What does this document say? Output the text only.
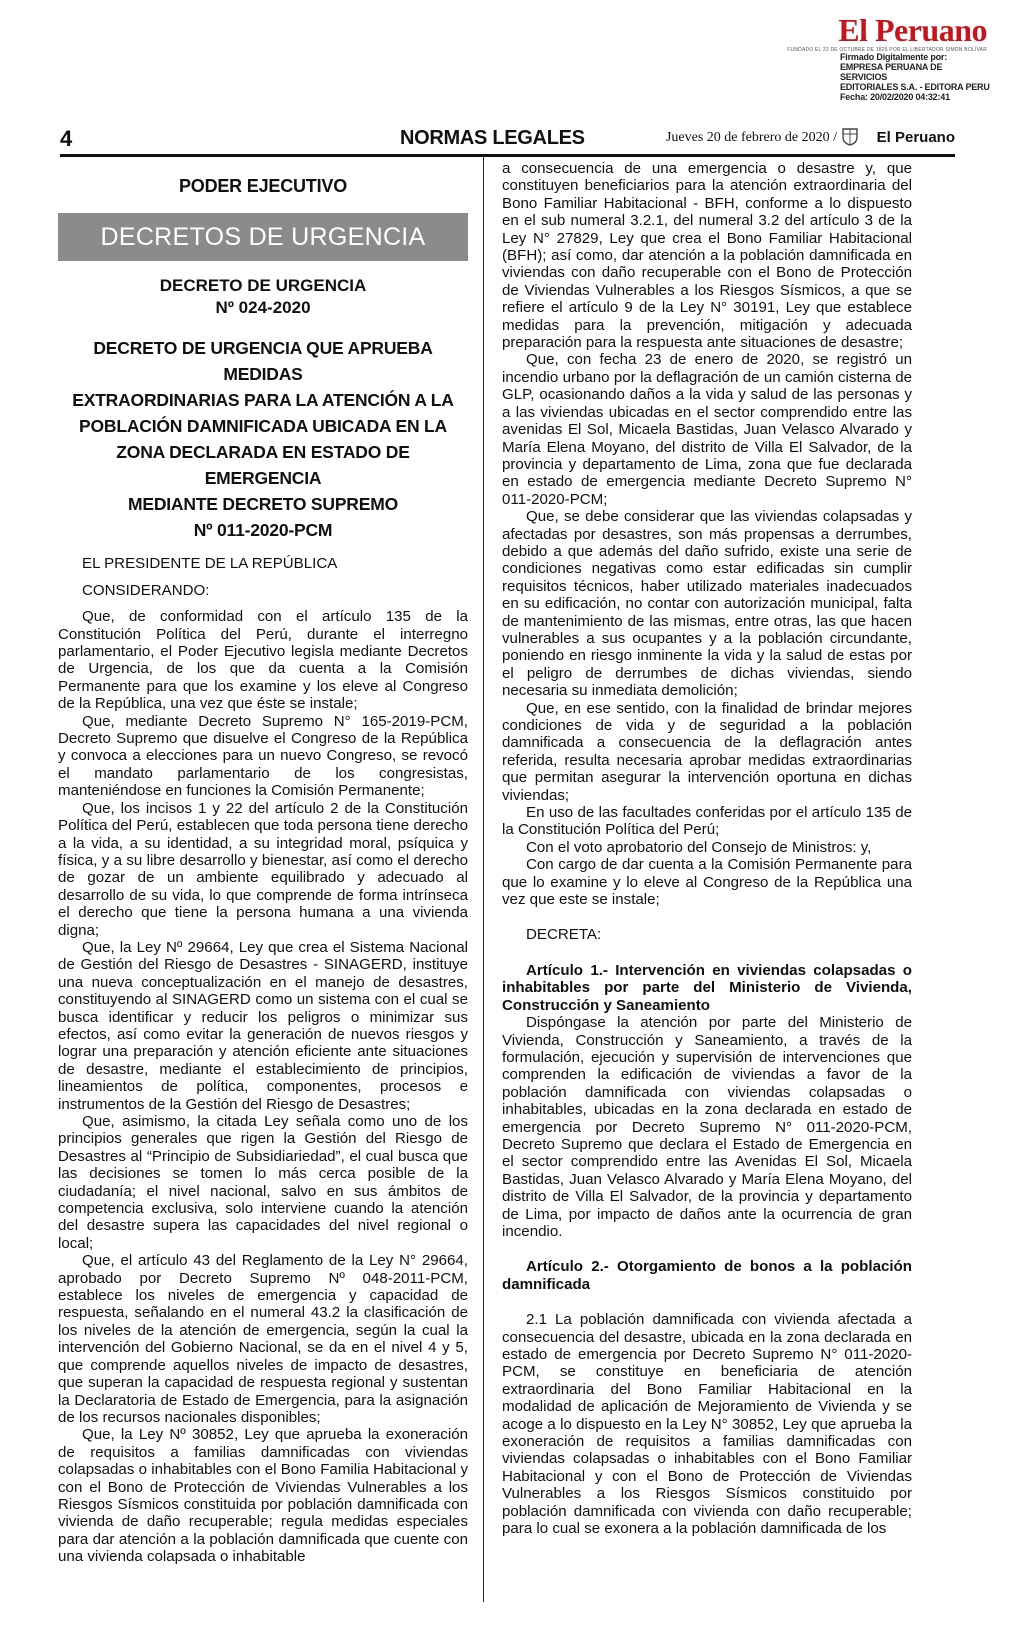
El Peruano
FUNDADO EL 22 DE OCTUBRE DE 1825 POR EL LIBERTADOR SIMÓN BOLÍVAR
Firmado Digitalmente por:
EMPRESA PERUANA DE SERVICIOS
EDITORIALES S.A. - EDITORA PERU
Fecha: 20/02/2020 04:32:41
4	NORMAS LEGALES	Jueves 20 de febrero de 2020 /	El Peruano
PODER EJECUTIVO
DECRETOS DE URGENCIA
DECRETO DE URGENCIA
Nº 024-2020
DECRETO DE URGENCIA QUE APRUEBA MEDIDAS
EXTRAORDINARIAS PARA LA ATENCIÓN A LA
POBLACIÓN DAMNIFICADA UBICADA EN LA
ZONA DECLARADA EN ESTADO DE EMERGENCIA
MEDIANTE DECRETO SUPREMO
Nº 011-2020-PCM
EL PRESIDENTE DE LA REPÚBLICA
CONSIDERANDO:

Que, de conformidad con el artículo 135 de la Constitución Política del Perú, durante el interregno parlamentario, el Poder Ejecutivo legisla mediante Decretos de Urgencia, de los que da cuenta a la Comisión Permanente para que los examine y los eleve al Congreso de la República, una vez que éste se instale;

Que, mediante Decreto Supremo N° 165-2019-PCM, Decreto Supremo que disuelve el Congreso de la República y convoca a elecciones para un nuevo Congreso, se revocó el mandato parlamentario de los congresistas, manteniéndose en funciones la Comisión Permanente;

Que, los incisos 1 y 22 del artículo 2 de la Constitución Política del Perú, establecen que toda persona tiene derecho a la vida, a su identidad, a su integridad moral, psíquica y física, y a su libre desarrollo y bienestar, así como el derecho de gozar de un ambiente equilibrado y adecuado al desarrollo de su vida, lo que comprende de forma intrínseca el derecho que tiene la persona humana a una vivienda digna;

Que, la Ley Nº 29664, Ley que crea el Sistema Nacional de Gestión del Riesgo de Desastres - SINAGERD, instituye una nueva conceptualización en el manejo de desastres, constituyendo al SINAGERD como un sistema con el cual se busca identificar y reducir los peligros o minimizar sus efectos, así como evitar la generación de nuevos riesgos y lograr una preparación y atención eficiente ante situaciones de desastre, mediante el establecimiento de principios, lineamientos de política, componentes, procesos e instrumentos de la Gestión del Riesgo de Desastres;

Que, asimismo, la citada Ley señala como uno de los principios generales que rigen la Gestión del Riesgo de Desastres al “Principio de Subsidiariedad”, el cual busca que las decisiones se tomen lo más cerca posible de la ciudadanía; el nivel nacional, salvo en sus ámbitos de competencia exclusiva, solo interviene cuando la atención del desastre supera las capacidades del nivel regional o local;

Que, el artículo 43 del Reglamento de la Ley N° 29664, aprobado por Decreto Supremo Nº 048-2011-PCM, establece los niveles de emergencia y capacidad de respuesta, señalando en el numeral 43.2 la clasificación de los niveles de la atención de emergencia, según la cual la intervención del Gobierno Nacional, se da en el nivel 4 y 5, que comprende aquellos niveles de impacto de desastres, que superan la capacidad de respuesta regional y sustentan la Declaratoria de Estado de Emergencia, para la asignación de los recursos nacionales disponibles;

Que, la Ley Nº 30852, Ley que aprueba la exoneración de requisitos a familias damnificadas con viviendas colapsadas o inhabitables con el Bono Familia Habitacional y con el Bono de Protección de Viviendas Vulnerables a los Riesgos Sísmicos constituida por población damnificada con vivienda de daño recuperable; regula medidas especiales para dar atención a la población damnificada que cuente con una vivienda colapsada o inhabitable

a consecuencia de una emergencia o desastre y, que constituyen beneficiarios para la atención extraordinaria del Bono Familiar Habitacional - BFH, conforme a lo dispuesto en el sub numeral 3.2.1, del numeral 3.2 del artículo 3 de la Ley N° 27829, Ley que crea el Bono Familiar Habitacional (BFH); así como, dar atención a la población damnificada en viviendas con daño recuperable con el Bono de Protección de Viviendas Vulnerables a los Riesgos Sísmicos, a que se refiere el artículo 9 de la Ley N° 30191, Ley que establece medidas para la prevención, mitigación y adecuada preparación para la respuesta ante situaciones de desastre;

Que, con fecha 23 de enero de 2020, se registró un incendio urbano por la deflagración de un camión cisterna de GLP, ocasionando daños a la vida y salud de las personas y a las viviendas ubicadas en el sector comprendido entre las avenidas El Sol, Micaela Bastidas, Juan Velasco Alvarado y María Elena Moyano, del distrito de Villa El Salvador, de la provincia y departamento de Lima, zona que fue declarada en estado de emergencia mediante Decreto Supremo N° 011-2020-PCM;

Que, se debe considerar que las viviendas colapsadas y afectadas por desastres, son más propensas a derrumbes, debido a que además del daño sufrido, existe una serie de condiciones negativas como estar edificadas sin cumplir requisitos técnicos, haber utilizado materiales inadecuados en su edificación, no contar con autorización municipal, falta de mantenimiento de las mismas, entre otras, las que hacen vulnerables a sus ocupantes y a la población circundante, poniendo en riesgo inminente la vida y la salud de estas por el peligro de derrumbes de dichas viviendas, siendo necesaria su inmediata demolición;

Que, en ese sentido, con la finalidad de brindar mejores condiciones de vida y de seguridad a la población damnificada a consecuencia de la deflagración antes referida, resulta necesaria aprobar medidas extraordinarias que permitan asegurar la intervención oportuna en dichas viviendas;

En uso de las facultades conferidas por el artículo 135 de la Constitución Política del Perú;

Con el voto aprobatorio del Consejo de Ministros: y,

Con cargo de dar cuenta a la Comisión Permanente para que lo examine y lo eleve al Congreso de la República una vez que este se instale;

DECRETA:

Artículo 1.- Intervención en viviendas colapsadas o inhabitables por parte del Ministerio de Vivienda, Construcción y Saneamiento

Dispóngase la atención por parte del Ministerio de Vivienda, Construcción y Saneamiento, a través de la formulación, ejecución y supervisión de intervenciones que comprenden la edificación de viviendas a favor de la población damnificada con viviendas colapsadas o inhabitables, ubicadas en la zona declarada en estado de emergencia por Decreto Supremo N° 011-2020-PCM, Decreto Supremo que declara el Estado de Emergencia en el sector comprendido entre las Avenidas El Sol, Micaela Bastidas, Juan Velasco Alvarado y María Elena Moyano, del distrito de Villa El Salvador, de la provincia y departamento de Lima, por impacto de daños ante la ocurrencia de gran incendio.

Artículo 2.- Otorgamiento de bonos a la población damnificada

2.1 La población damnificada con vivienda afectada a consecuencia del desastre, ubicada en la zona declarada en estado de emergencia por Decreto Supremo N° 011-2020-PCM, se constituye en beneficiaria de atención extraordinaria del Bono Familiar Habitacional en la modalidad de aplicación de Mejoramiento de Vivienda y se acoge a lo dispuesto en la Ley N° 30852, Ley que aprueba la exoneración de requisitos a familias damnificadas con viviendas colapsadas o inhabitables con el Bono Familiar Habitacional y con el Bono de Protección de Viviendas Vulnerables a los Riesgos Sísmicos constituido por población damnificada con vivienda con daño recuperable; para lo cual se exonera a la población damnificada de los
